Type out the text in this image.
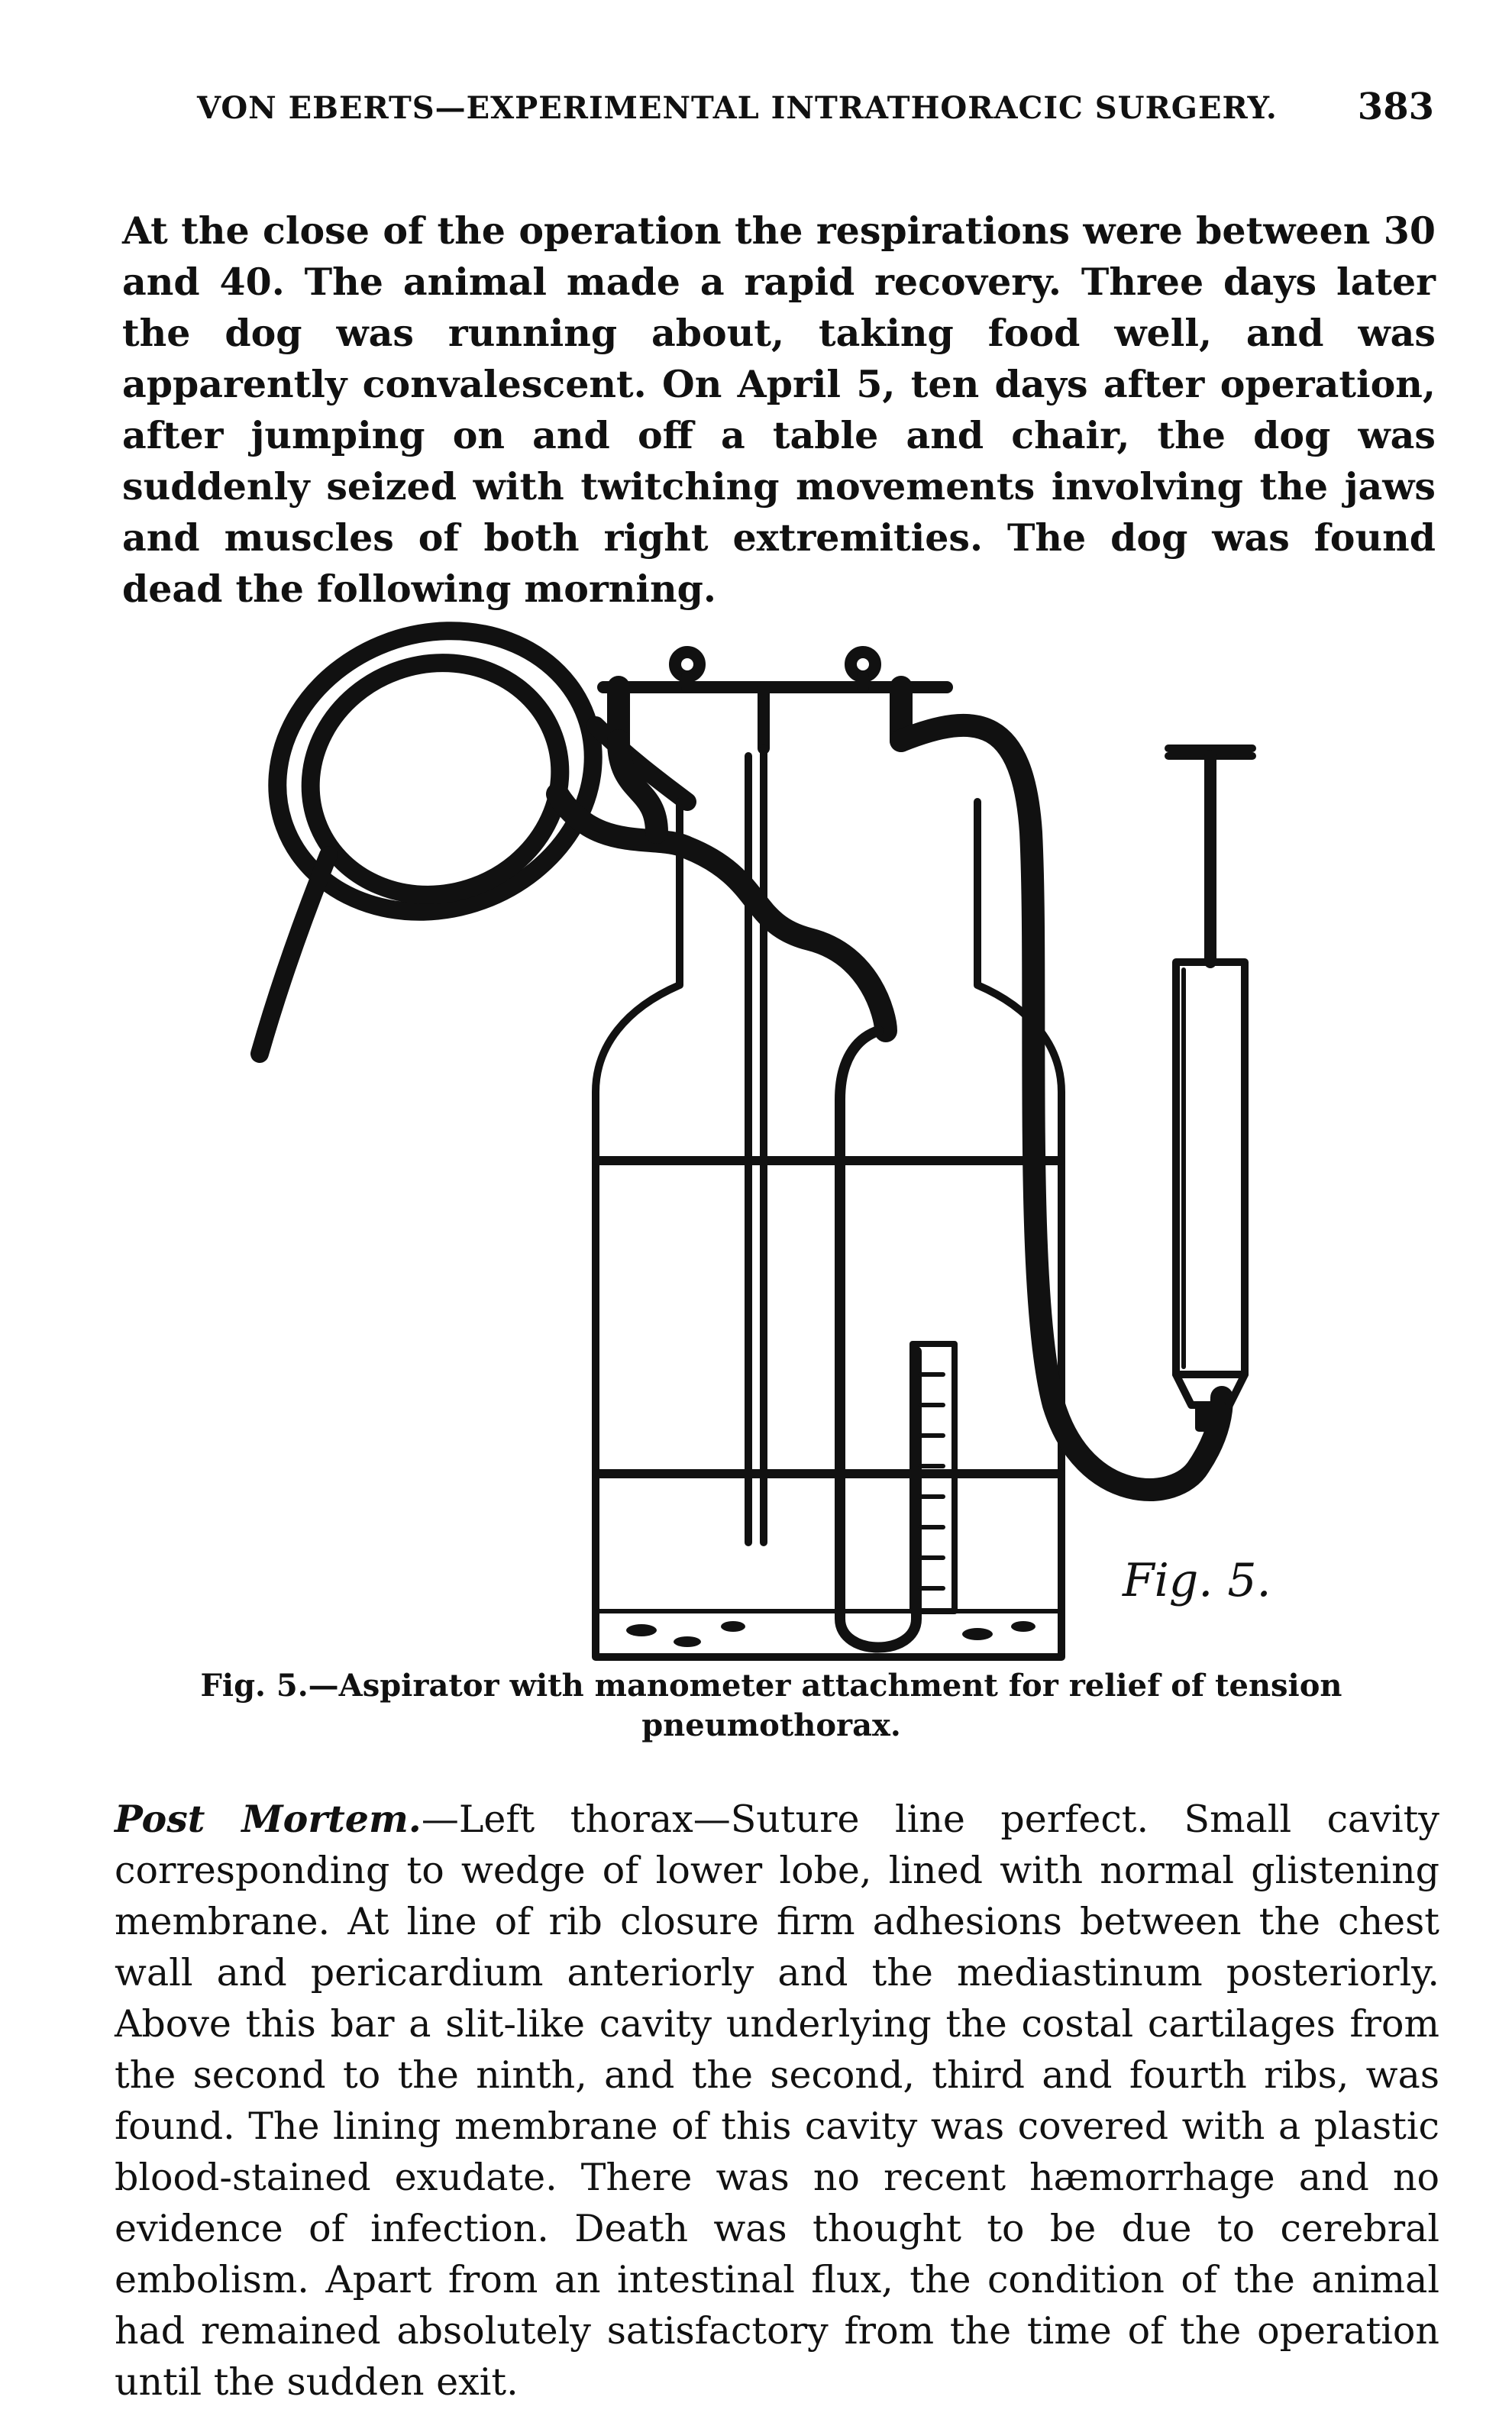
VON EBERTS—EXPERIMENTAL INTRATHORACIC SURGERY. 383

At the close of the operation the respirations were between 30 and 40. The animal made a rapid recovery. Three days later the dog was running about, taking food well, and was apparently convalescent. On April 5, ten days after operation, after jumping on and off a table and chair, the dog was suddenly seized with twitching movements involving the jaws and muscles of both right extremities. The dog was found dead the following morning.

Fig. 5.
Fig. 5.—Aspirator with manometer attachment for relief of tension pneumothorax.

Post Mortem.—Left thorax—Suture line perfect. Small cavity corresponding to wedge of lower lobe, lined with normal glistening membrane. At line of rib closure firm adhesions between the chest wall and pericardium anteriorly and the mediastinum posteriorly. Above this bar a slit-like cavity underlying the costal cartilages from the second to the ninth, and the second, third and fourth ribs, was found. The lining membrane of this cavity was covered with a plastic blood-stained exudate. There was no recent hæmorrhage and no evidence of infection. Death was thought to be due to cerebral embolism. Apart from an intestinal flux, the condition of the animal had remained absolutely satisfactory from the time of the operation until the sudden exit.
